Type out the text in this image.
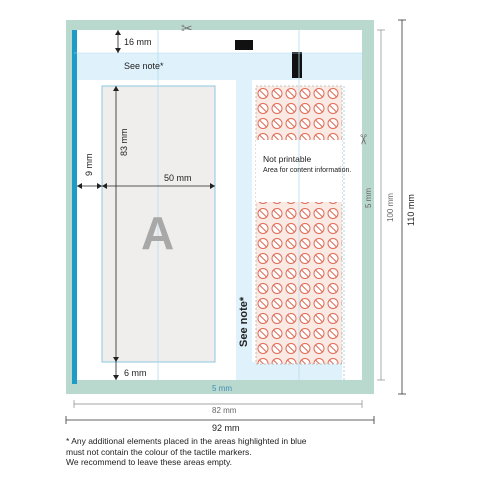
✂
✂
16 mm
See note*
9 mm
83 mm
50 mm
A
6 mm
See note*
Not printable
Area for content information.
5 mm
5 mm
100 mm 110 mm
82 mm
92 mm
* Any additional elements placed in the areas highlighted in blue
must not contain the colour of the tactile markers.
We recommend to leave these areas empty.
